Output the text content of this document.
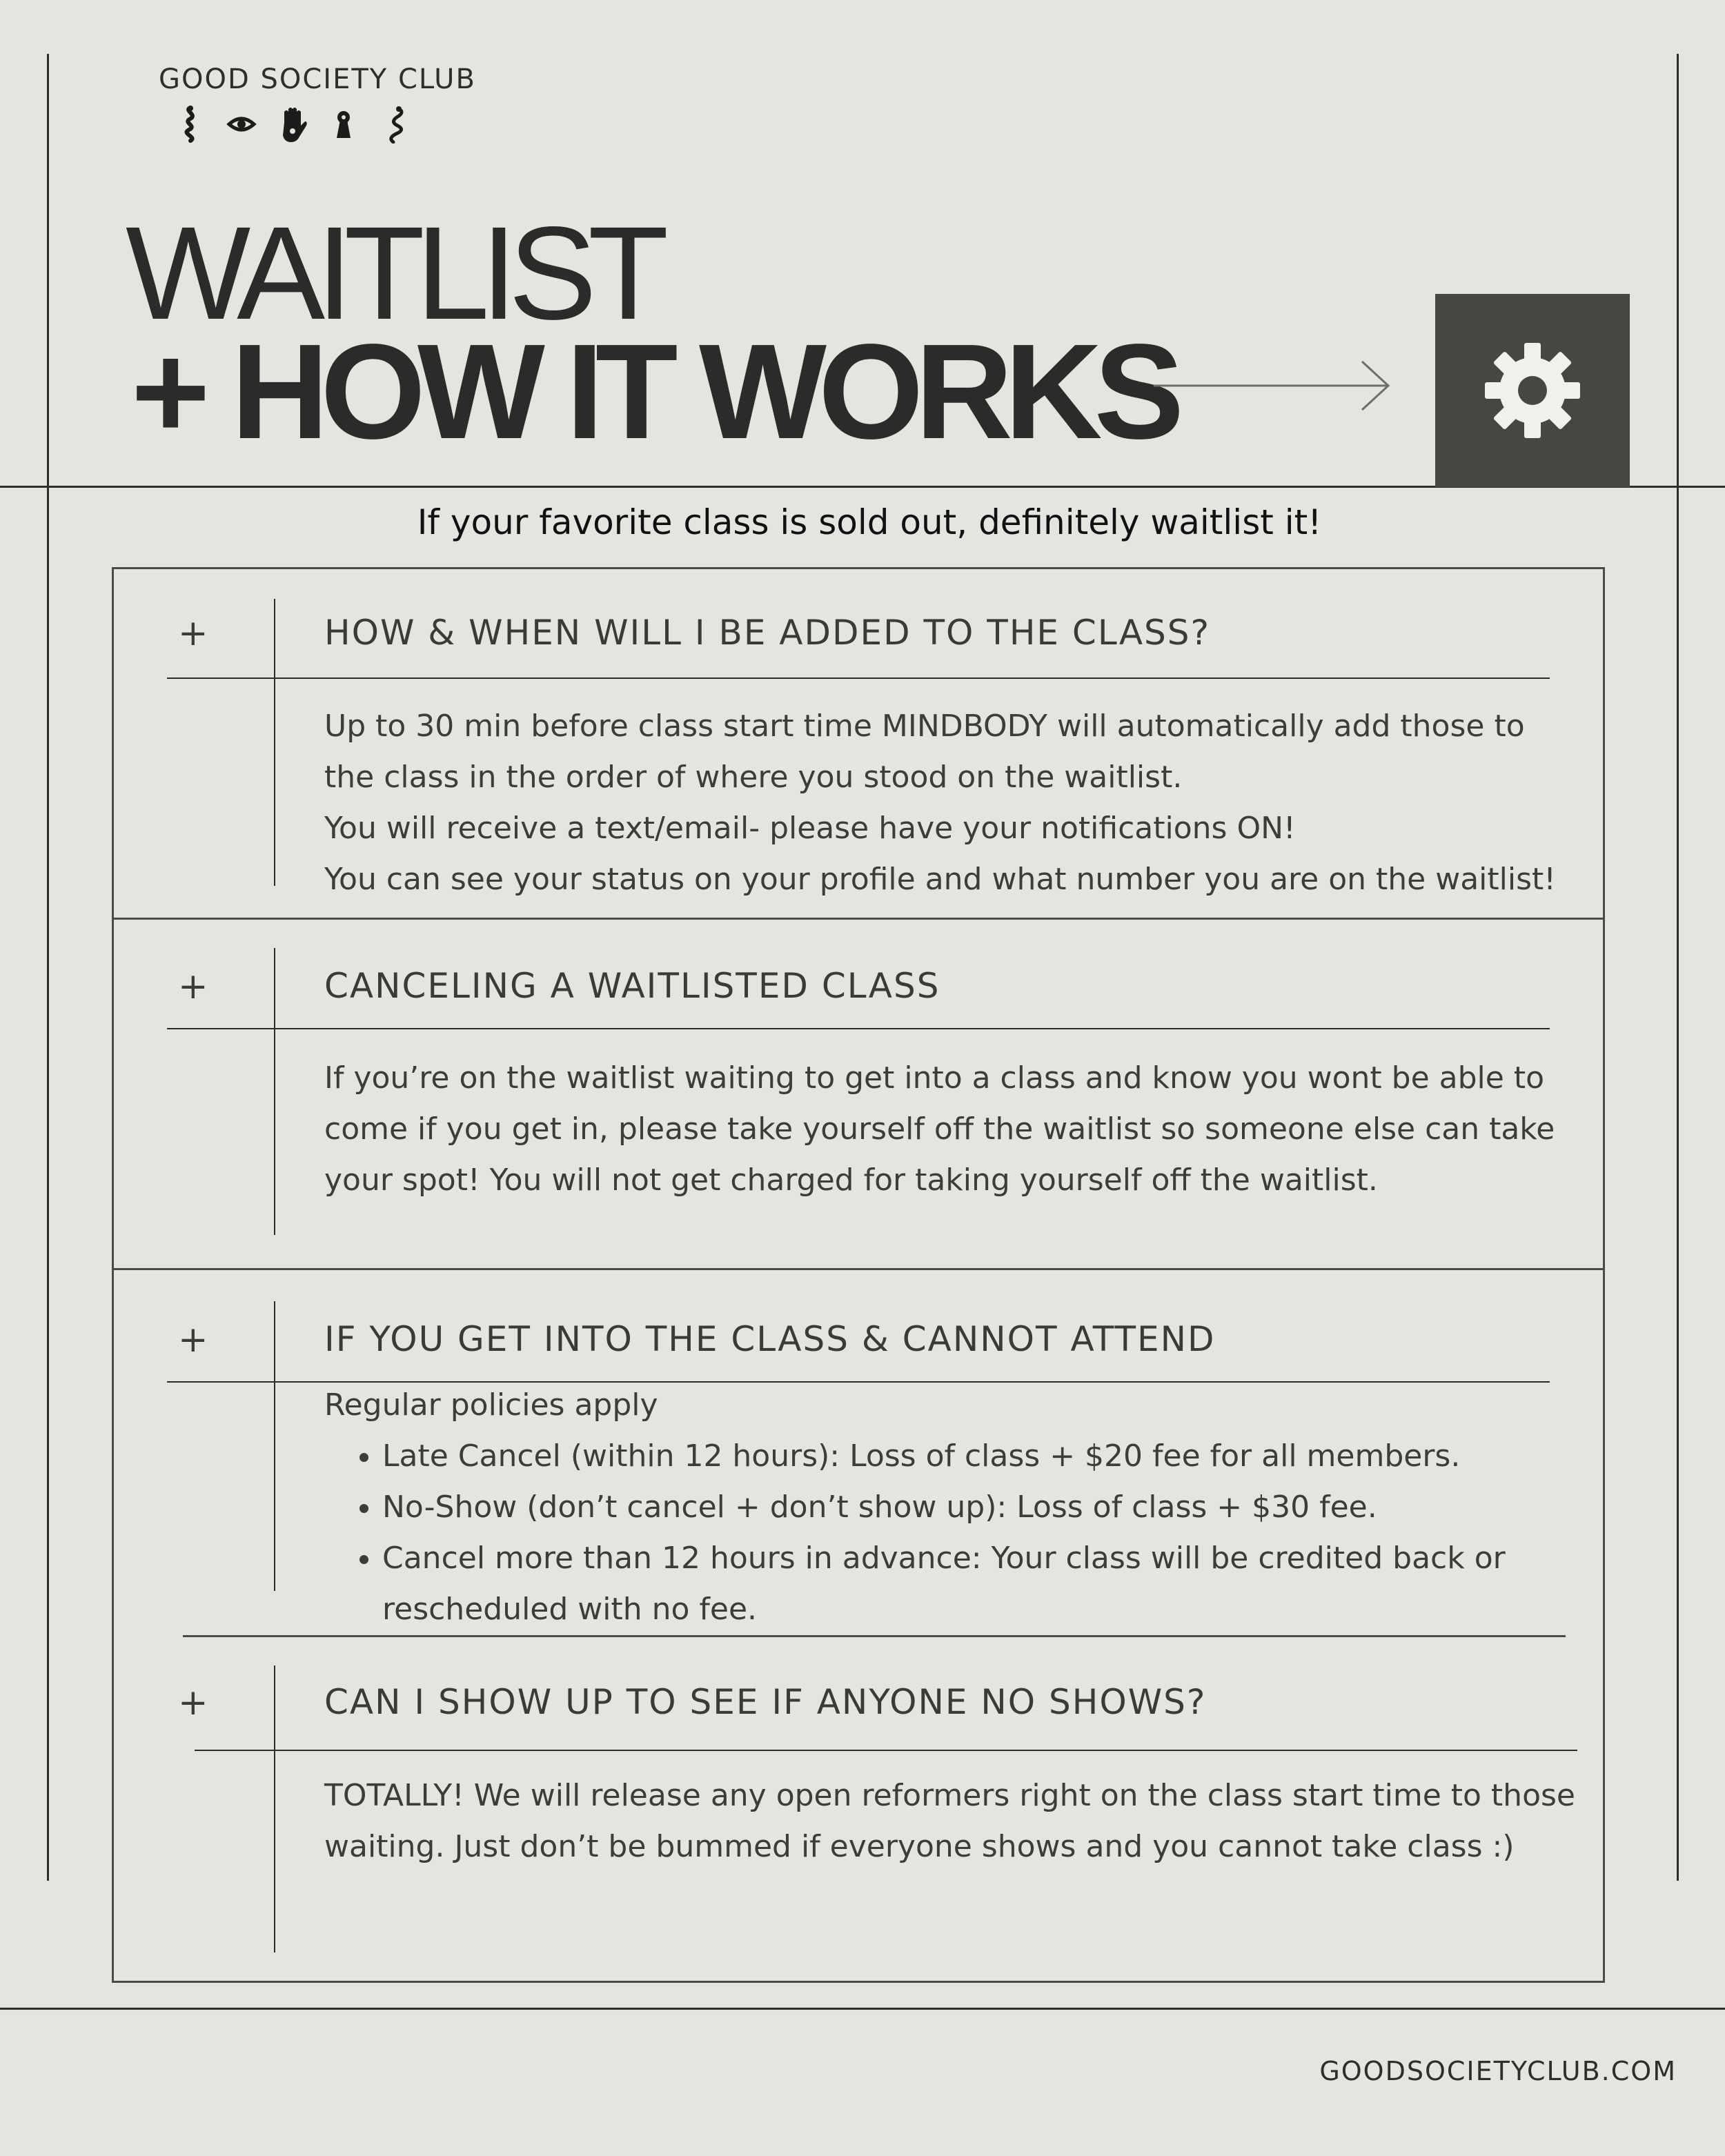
GOOD SOCIETY CLUB
WAITLIST
+ HOW IT WORKS
If your favorite class is sold out, definitely waitlist it!
+	HOW & WHEN WILL I BE ADDED TO THE CLASS?

Up to 30 min before class start time MINDBODY will automatically add those to the class in the order of where you stood on the waitlist.

You will receive a text/email- please have your notifications ON!

You can see your status on your profile and what number you are on the waitlist!

+	CANCELING A WAITLISTED CLASS

If you’re on the waitlist waiting to get into a class and know you wont be able to come if you get in, please take yourself off the waitlist so someone else can take your spot! You will not get charged for taking yourself off the waitlist.

+	IF YOU GET INTO THE CLASS & CANNOT ATTEND

Regular policies apply

• Late Cancel (within 12 hours): Loss of class + $20 fee for all members.
• No-Show (don’t cancel + don’t show up): Loss of class + $30 fee.
• Cancel more than 12 hours in advance: Your class will be credited back or rescheduled with no fee.
+	CAN I SHOW UP TO SEE IF ANYONE NO SHOWS?

TOTALLY! We will release any open reformers right on the class start time to those waiting. Just don’t be bummed if everyone shows and you cannot take class :)

GOODSOCIETYCLUB.COM
